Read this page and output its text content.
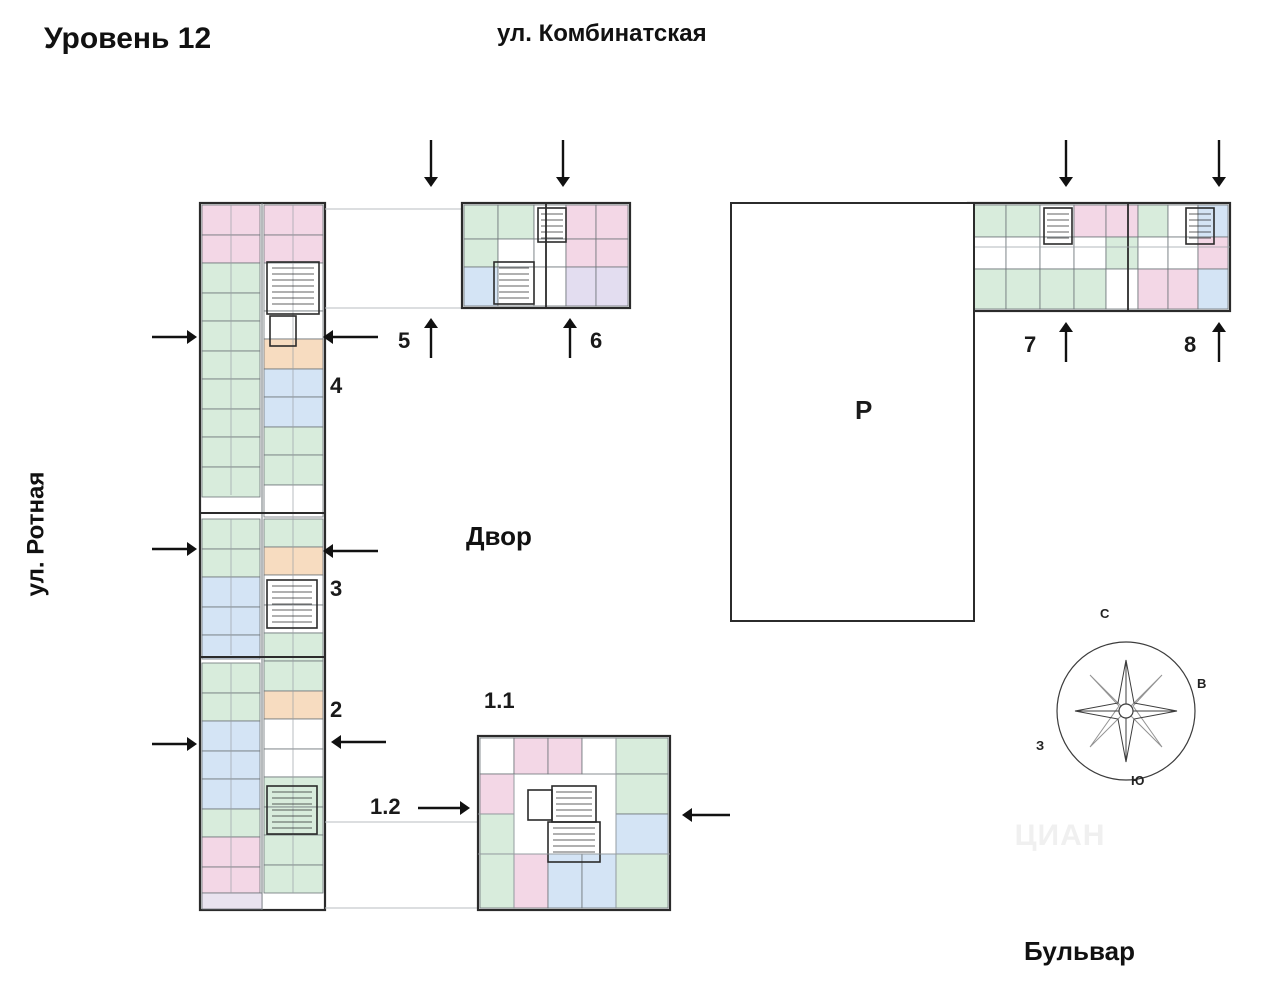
Уровень 12	ул. Комбинатская
ул. Ротная
Бульвар
Двор
P
1.1
1.2
2
3
4
5	6	7	8
С
В
Ю
З
ЦИАН
